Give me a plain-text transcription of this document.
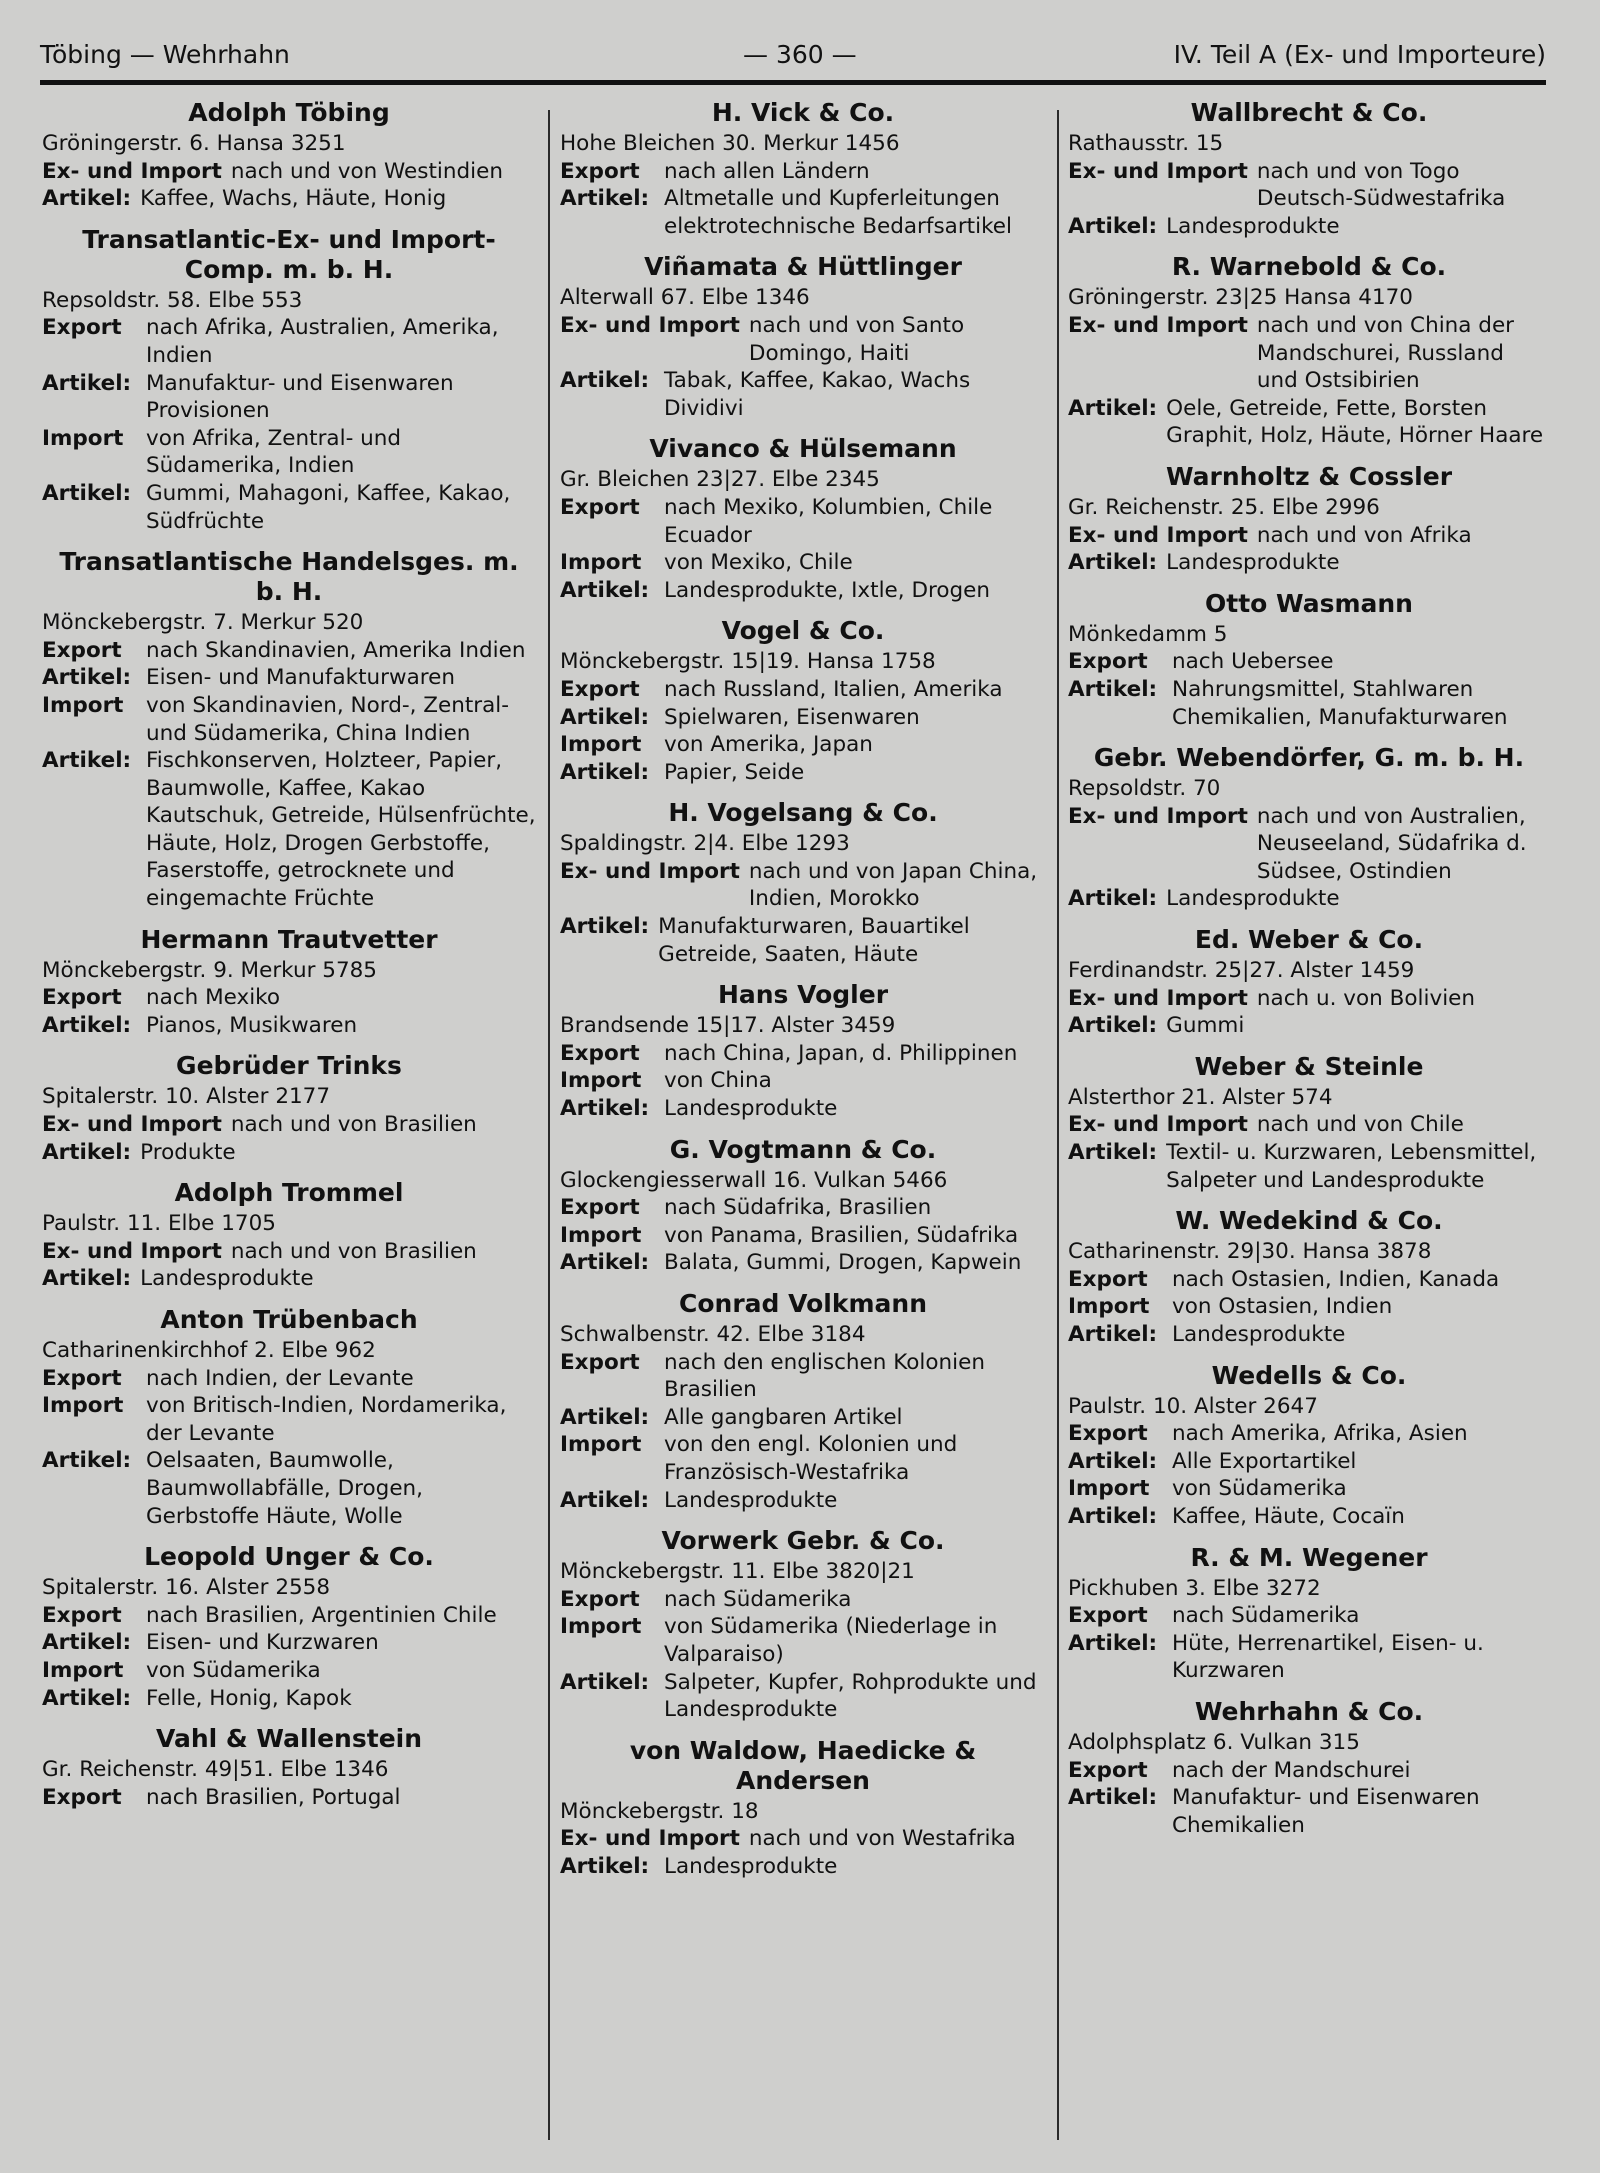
Töbing — Wehrhahn	— 360 —	IV. Teil A (Ex- und Importeure)
Adolph Töbing
Gröningerstr. 6. Hansa 3251
Ex- und Import nach und von Westindien
Artikel: Kaffee, Wachs, Häute, Honig
Transatlantic-Ex- und Import-Comp. m. b. H.
Repsoldstr. 58. Elbe 553
Export	nach Afrika, Australien, Amerika, Indien
Artikel: Manufaktur- und Eisenwaren Provisionen
Import	von Afrika, Zentral- und Südamerika, Indien
Artikel: Gummi, Mahagoni, Kaffee, Kakao, Südfrüchte
Transatlantische Handelsges. m. b. H.
Mönckebergstr. 7. Merkur 520
Export	nach Skandinavien, Amerika Indien
Artikel: Eisen- und Manufakturwaren
Import	von Skandinavien, Nord-, Zentral- und Südamerika, China Indien
Artikel: Fischkonserven, Holzteer, Papier, Baumwolle, Kaffee, Kakao Kautschuk, Getreide, Hülsenfrüchte, Häute, Holz, Drogen Gerbstoffe, Faserstoffe, getrocknete und eingemachte Früchte
Hermann Trautvetter
Mönckebergstr. 9. Merkur 5785
Export	nach Mexiko
Artikel: Pianos, Musikwaren
Gebrüder Trinks
Spitalerstr. 10. Alster 2177
Ex- und Import nach und von Brasilien
Artikel: Produkte
Adolph Trommel
Paulstr. 11. Elbe 1705
Ex- und Import nach und von Brasilien
Artikel: Landesprodukte
Anton Trübenbach
Catharinenkirchhof 2. Elbe 962
Export	nach Indien, der Levante
Import	von Britisch-Indien, Nordamerika, der Levante
Artikel: Oelsaaten, Baumwolle, Baumwollabfälle, Drogen, Gerbstoffe Häute, Wolle
Leopold Unger & Co.
Spitalerstr. 16. Alster 2558
Export	nach Brasilien, Argentinien Chile
Artikel: Eisen- und Kurzwaren
Import	von Südamerika
Artikel: Felle, Honig, Kapok
Vahl & Wallenstein
Gr. Reichenstr. 49|51. Elbe 1346
Export	nach Brasilien, Portugal
H. Vick & Co.
Hohe Bleichen 30. Merkur 1456
Export	nach allen Ländern
Artikel: Altmetalle und Kupferleitungen elektrotechnische Bedarfsartikel
Viñamata & Hüttlinger
Alterwall 67. Elbe 1346
Ex- und Import nach und von Santo Domingo, Haiti
Artikel: Tabak, Kaffee, Kakao, Wachs Dividivi
Vivanco & Hülsemann
Gr. Bleichen 23|27. Elbe 2345
Export	nach Mexiko, Kolumbien, Chile Ecuador
Import	von Mexiko, Chile
Artikel: Landesprodukte, Ixtle, Drogen
Vogel & Co.
Mönckebergstr. 15|19. Hansa 1758
Export	nach Russland, Italien, Amerika
Artikel: Spielwaren, Eisenwaren
Import	von Amerika, Japan
Artikel: Papier, Seide
H. Vogelsang & Co.
Spaldingstr. 2|4. Elbe 1293
Ex- und Import nach und von Japan China, Indien, Morokko
Artikel: Manufakturwaren, Bauartikel Getreide, Saaten, Häute
Hans Vogler
Brandsende 15|17. Alster 3459
Export	nach China, Japan, d. Philippinen
Import	von China
Artikel: Landesprodukte
G. Vogtmann & Co.
Glockengiesserwall 16. Vulkan 5466
Export	nach Südafrika, Brasilien
Import	von Panama, Brasilien, Südafrika
Artikel: Balata, Gummi, Drogen, Kapwein
Conrad Volkmann
Schwalbenstr. 42. Elbe 3184
Export	nach den englischen Kolonien Brasilien
Artikel: Alle gangbaren Artikel
Import	von den engl. Kolonien und Französisch-Westafrika
Artikel: Landesprodukte
Vorwerk Gebr. & Co.
Mönckebergstr. 11. Elbe 3820|21
Export	nach Südamerika
Import	von Südamerika (Niederlage in Valparaiso)
Artikel: Salpeter, Kupfer, Rohprodukte und Landesprodukte
von Waldow, Haedicke & Andersen
Mönckebergstr. 18
Ex- und Import nach und von Westafrika
Artikel: Landesprodukte
Wallbrecht & Co.
Rathausstr. 15
Ex- und Import nach und von Togo Deutsch-Südwestafrika
Artikel: Landesprodukte
R. Warnebold & Co.
Gröningerstr. 23|25 Hansa 4170
Ex- und Import nach und von China der Mandschurei, Russland und Ostsibirien
Artikel: Oele, Getreide, Fette, Borsten Graphit, Holz, Häute, Hörner Haare
Warnholtz & Cossler
Gr. Reichenstr. 25. Elbe 2996
Ex- und Import nach und von Afrika
Artikel: Landesprodukte
Otto Wasmann
Mönkedamm 5
Export	nach Uebersee
Artikel: Nahrungsmittel, Stahlwaren Chemikalien, Manufakturwaren
Gebr. Webendörfer, G. m. b. H.
Repsoldstr. 70
Ex- und Import nach und von Australien, Neuseeland, Südafrika d. Südsee, Ostindien
Artikel: Landesprodukte
Ed. Weber & Co.
Ferdinandstr. 25|27. Alster 1459
Ex- und Import nach u. von Bolivien
Artikel: Gummi
Weber & Steinle
Alsterthor 21. Alster 574
Ex- und Import nach und von Chile
Artikel: Textil- u. Kurzwaren, Lebensmittel, Salpeter und Landesprodukte
W. Wedekind & Co.
Catharinenstr. 29|30. Hansa 3878
Export	nach Ostasien, Indien, Kanada
Import	von Ostasien, Indien
Artikel: Landesprodukte
Wedells & Co.
Paulstr. 10. Alster 2647
Export	nach Amerika, Afrika, Asien
Artikel: Alle Exportartikel
Import	von Südamerika
Artikel: Kaffee, Häute, Cocaïn
R. & M. Wegener
Pickhuben 3. Elbe 3272
Export	nach Südamerika
Artikel: Hüte, Herrenartikel, Eisen- u. Kurzwaren
Wehrhahn & Co.
Adolphsplatz 6. Vulkan 315
Export	nach der Mandschurei
Artikel: Manufaktur- und Eisenwaren Chemikalien
